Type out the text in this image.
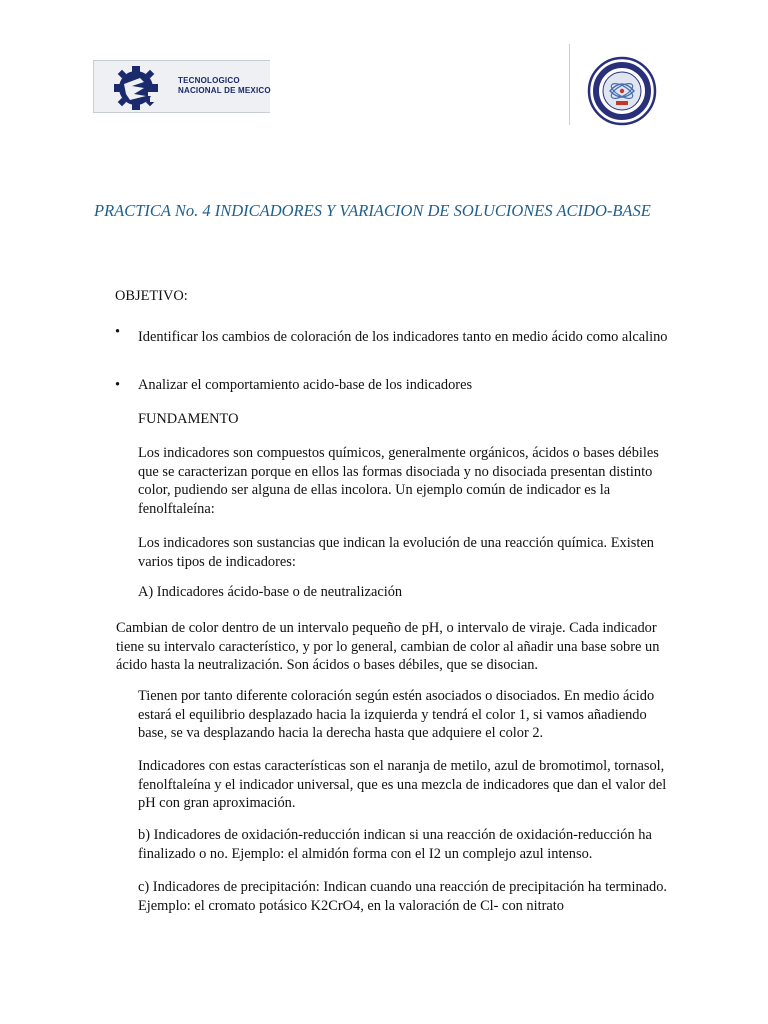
TECNOLOGICO
NACIONAL DE MEXICO
PRACTICA No. 4 INDICADORES Y VARIACION DE SOLUCIONES ACIDO-BASE
OBJETIVO:
• Identificar los cambios de coloración de los indicadores tanto en medio ácido como alcalino
• Analizar el comportamiento acido-base de los indicadores
FUNDAMENTO
Los indicadores son compuestos químicos, generalmente orgánicos, ácidos o bases débiles que se caracterizan porque en ellos las formas disociada y no disociada presentan distinto color, pudiendo ser alguna de ellas incolora. Un ejemplo común de indicador es la fenolftaleína:
Los indicadores son sustancias que indican la evolución de una reacción química. Existen varios tipos de indicadores:
A) Indicadores ácido-base o de neutralización
Cambian de color dentro de un intervalo pequeño de pH, o intervalo de viraje. Cada indicador tiene su intervalo característico, y por lo general, cambian de color al añadir una base sobre un ácido hasta la neutralización. Son ácidos o bases débiles, que se disocian.
Tienen por tanto diferente coloración según estén asociados o disociados. En medio ácido estará el equilibrio desplazado hacia la izquierda y tendrá el color 1, si vamos añadiendo base, se va desplazando hacia la derecha hasta que adquiere el color 2.
Indicadores con estas características son el naranja de metilo, azul de bromotimol, tornasol, fenolftaleína y el indicador universal, que es una mezcla de indicadores que dan el valor del pH con gran aproximación.
b) Indicadores de oxidación-reducción indican si una reacción de oxidación-reducción ha finalizado o no. Ejemplo: el almidón forma con el I2 un complejo azul intenso.
c) Indicadores de precipitación: Indican cuando una reacción de precipitación ha terminado. Ejemplo: el cromato potásico K2CrO4, en la valoración de Cl- con nitrato
